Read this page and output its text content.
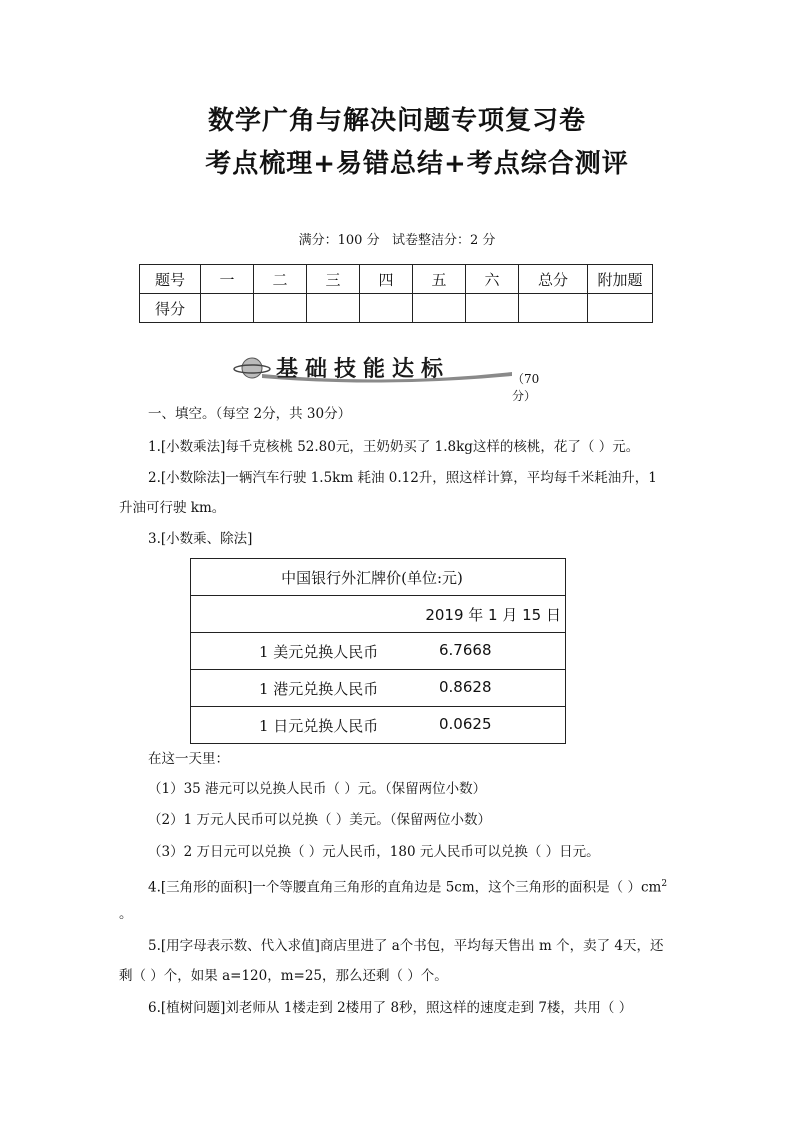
数学广角与解决问题专项复习卷
考点梳理+易错总结+考点综合测评
满分：100 分   试卷整洁分：2 分
题号	一	二	三	四	五	六	总分	附加题
得分								
基础技能达标	（70 分）
一、填空。（每空 2分，共 30分）
1.[小数乘法]每千克核桃 52.80元，王奶奶买了 1.8kg这样的核桃，花了（ ）元。
2.[小数除法]一辆汽车行驶 1.5km 耗油 0.12升，照这样计算，平均每千米耗油升，1
升油可行驶 km。
3.[小数乘、除法]
中国银行外汇牌价(单位:元)
2019 年 1 月 15 日
1 美元兑换人民币	6.7668
1 港元兑换人民币	0.8628
1 日元兑换人民币	0.0625
在这一天里：
（1）35 港元可以兑换人民币（ ）元。（保留两位小数）
（2）1 万元人民币可以兑换（ ）美元。（保留两位小数）
（3）2 万日元可以兑换（ ）元人民币，180 元人民币可以兑换（ ）日元。
4.[三角形的面积]一个等腰直角三角形的直角边是 5cm，这个三角形的面积是（ ）$cm^2$
。
5.[用字母表示数、代入求值]商店里进了 a个书包，平均每天售出 m 个，卖了 4天，还
剩（ ）个，如果 a=120，m=25，那么还剩（ ）个。
6.[植树问题]刘老师从 1楼走到 2楼用了 8秒，照这样的速度走到 7楼，共用（ ）
